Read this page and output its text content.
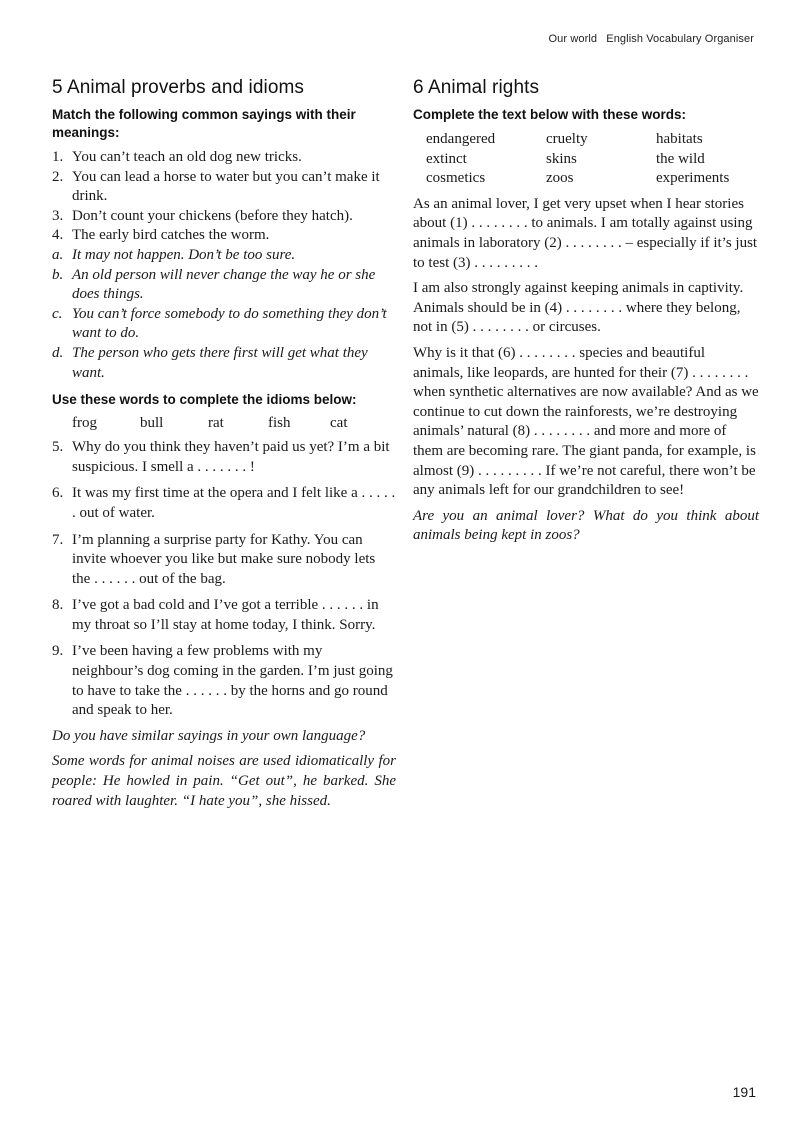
Our world English Vocabulary Organiser
5 Animal proverbs and idioms

Match the following common sayings with their meanings:

1. You can’t teach an old dog new tricks.
2. You can lead a horse to water but you can’t make it drink.
3. Don’t count your chickens (before they hatch).
4. The early bird catches the worm.
a. It may not happen. Don’t be too sure.
b. An old person will never change the way he or she does things.
c. You can’t force somebody to do something they don’t want to do.
d. The person who gets there first will get what they want.

Use these words to complete the idioms below:

frog	bull	rat	fish	cat
5. Why do you think they haven’t paid us yet? I’m a bit suspicious. I smell a . . . . . . . !
6. It was my first time at the opera and I felt like a . . . . . . out of water.
7. I’m planning a surprise party for Kathy. You can invite whoever you like but make sure nobody lets the . . . . . . out of the bag.
8. I’ve got a bad cold and I’ve got a terrible . . . . . . in my throat so I’ll stay at home today, I think. Sorry.
9. I’ve been having a few problems with my neighbour’s dog coming in the garden. I’m just going to have to take the . . . . . . by the horns and go round and speak to her.

Do you have similar sayings in your own language?

Some words for animal noises are used idiomatically for people: He howled in pain. “Get out”, he barked. She roared with laughter. “I hate you”, she hissed.

6 Animal rights

Complete the text below with these words:

endangered	cruelty	habitats
extinct	skins	the wild
cosmetics	zoos	experiments

As an animal lover, I get very upset when I hear stories about (1) . . . . . . . . to animals. I am totally against using animals in laboratory (2) . . . . . . . . – especially if it’s just to test (3) . . . . . . . . .

I am also strongly against keeping animals in captivity. Animals should be in (4) . . . . . . . . where they belong, not in (5) . . . . . . . . or circuses.

Why is it that (6) . . . . . . . . species and beautiful animals, like leopards, are hunted for their (7) . . . . . . . . when synthetic alternatives are now available? And as we continue to cut down the rainforests, we’re destroying animals’ natural (8) . . . . . . . . and more and more of them are becoming rare. The giant panda, for example, is almost (9) . . . . . . . . . If we’re not careful, there won’t be any animals left for our grandchildren to see!

Are you an animal lover? What do you think about animals being kept in zoos?

191
